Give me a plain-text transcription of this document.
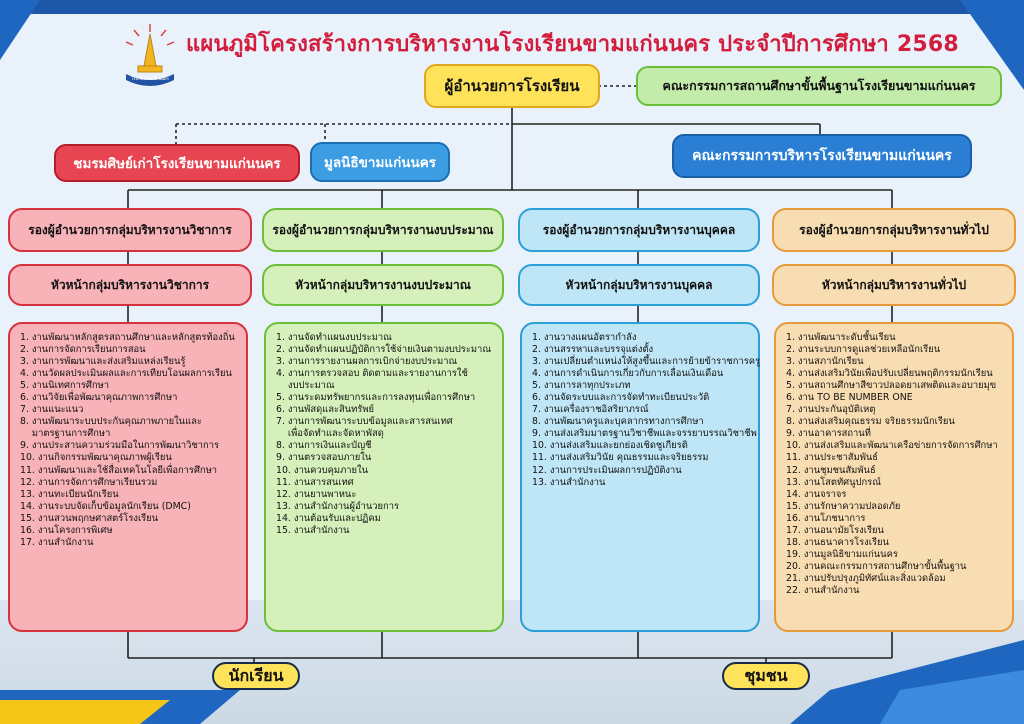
โรงเรียนขามแก่นนคร
แผนภูมิโครงสร้างการบริหารงานโรงเรียนขามแก่นนคร ประจำปีการศึกษา 2568
ผู้อำนวยการโรงเรียน	คณะกรรมการสถานศึกษาขั้นพื้นฐานโรงเรียนขามแก่นนคร
ชมรมศิษย์เก่าโรงเรียนขามแก่นนคร	มูลนิธิขามแก่นนคร	คณะกรรมการบริหารโรงเรียนขามแก่นนคร
รองผู้อำนวยการกลุ่มบริหารงานวิชาการ
หัวหน้ากลุ่มบริหารงานวิชาการ
1. งานพัฒนาหลักสูตรสถานศึกษาและหลักสูตรท้องถิ่น
2. งานการจัดการเรียนการสอน
3. งานการพัฒนาและส่งเสริมแหล่งเรียนรู้
4. งานวัดผลประเมินผลและการเทียบโอนผลการเรียน
5. งานนิเทศการศึกษา
6. งานวิจัยเพื่อพัฒนาคุณภาพการศึกษา
7. งานแนะแนว
8. งานพัฒนาระบบประกันคุณภาพภายในและ
มาตรฐานการศึกษา
9. งานประสานความร่วมมือในการพัฒนาวิชาการ
10. งานกิจกรรมพัฒนาคุณภาพผู้เรียน
11. งานพัฒนาและใช้สื่อเทคโนโลยีเพื่อการศึกษา
12. งานการจัดการศึกษาเรียนรวม
13. งานทะเบียนนักเรียน
14. งานระบบจัดเก็บข้อมูลนักเรียน (DMC)
15. งานสวนพฤกษศาสตร์โรงเรียน
16. งานโครงการพิเศษ
17. งานสำนักงาน
รองผู้อำนวยการกลุ่มบริหารงานงบประมาณ
หัวหน้ากลุ่มบริหารงานงบประมาณ
1. งานจัดทำแผนงบประมาณ
2. งานจัดทำแผนปฏิบัติการใช้จ่ายเงินตามงบประมาณ
3. งานการรายงานผลการเบิกจ่ายงบประมาณ
4. งานการตรวจสอบ ติดตามและรายงานการใช้
งบประมาณ
5. งานระดมทรัพยากรและการลงทุนเพื่อการศึกษา
6. งานพัสดุและสินทรัพย์
7. งานการพัฒนาระบบข้อมูลและสารสนเทศ
เพื่อจัดทำและจัดหาพัสดุ
8. งานการเงินและบัญชี
9. งานตรวจสอบภายใน
10. งานควบคุมภายใน
11. งานสารสนเทศ
12. งานยานพาหนะ
13. งานสำนักงานผู้อำนวยการ
14. งานต้อนรับและปฏิคม
15. งานสำนักงาน
รองผู้อำนวยการกลุ่มบริหารงานบุคคล
หัวหน้ากลุ่มบริหารงานบุคคล
1. งานวางแผนอัตรากำลัง
2. งานสรรหาและบรรจุแต่งตั้ง
3. งานเปลี่ยนตำแหน่งให้สูงขึ้นและการย้ายข้าราชการครู
4. งานการดำเนินการเกี่ยวกับการเลื่อนเงินเดือน
5. งานการลาทุกประเภท
6. งานจัดระบบและการจัดทำทะเบียนประวัติ
7. งานเครื่องราชอิสริยาภรณ์
8. งานพัฒนาครูและบุคลากรทางการศึกษา
9. งานส่งเสริมมาตรฐานวิชาชีพและจรรยาบรรณวิชาชีพ
10. งานส่งเสริมและยกย่องเชิดชูเกียรติ
11. งานส่งเสริมวินัย คุณธรรมและจริยธรรม
12. งานการประเมินผลการปฏิบัติงาน
13. งานสำนักงาน
รองผู้อำนวยการกลุ่มบริหารงานทั่วไป
หัวหน้ากลุ่มบริหารงานทั่วไป
1. งานพัฒนาระดับชั้นเรียน
2. งานระบบการดูแลช่วยเหลือนักเรียน
3. งานสภานักเรียน
4. งานส่งเสริมวินัยเพื่อปรับเปลี่ยนพฤติกรรมนักเรียน
5. งานสถานศึกษาสีขาวปลอดยาเสพติดและอบายมุข
6. งาน TO BE NUMBER ONE
7. งานประกันอุบัติเหตุ
8. งานส่งเสริมคุณธรรม จริยธรรมนักเรียน
9. งานอาคารสถานที่
10. งานส่งเสริมและพัฒนาเครือข่ายการจัดการศึกษา
11. งานประชาสัมพันธ์
12. งานชุมชนสัมพันธ์
13. งานโสตทัศนูปกรณ์
14. งานจราจร
15. งานรักษาความปลอดภัย
16. งานโภชนาการ
17. งานอนามัยโรงเรียน
18. งานธนาคารโรงเรียน
19. งานมูลนิธิขามแก่นนคร
20. งานคณะกรรมการสถานศึกษาขั้นพื้นฐาน
21. งานปรับปรุงภูมิทัศน์และสิ่งแวดล้อม
22. งานสำนักงาน
นักเรียน	ชุมชน
